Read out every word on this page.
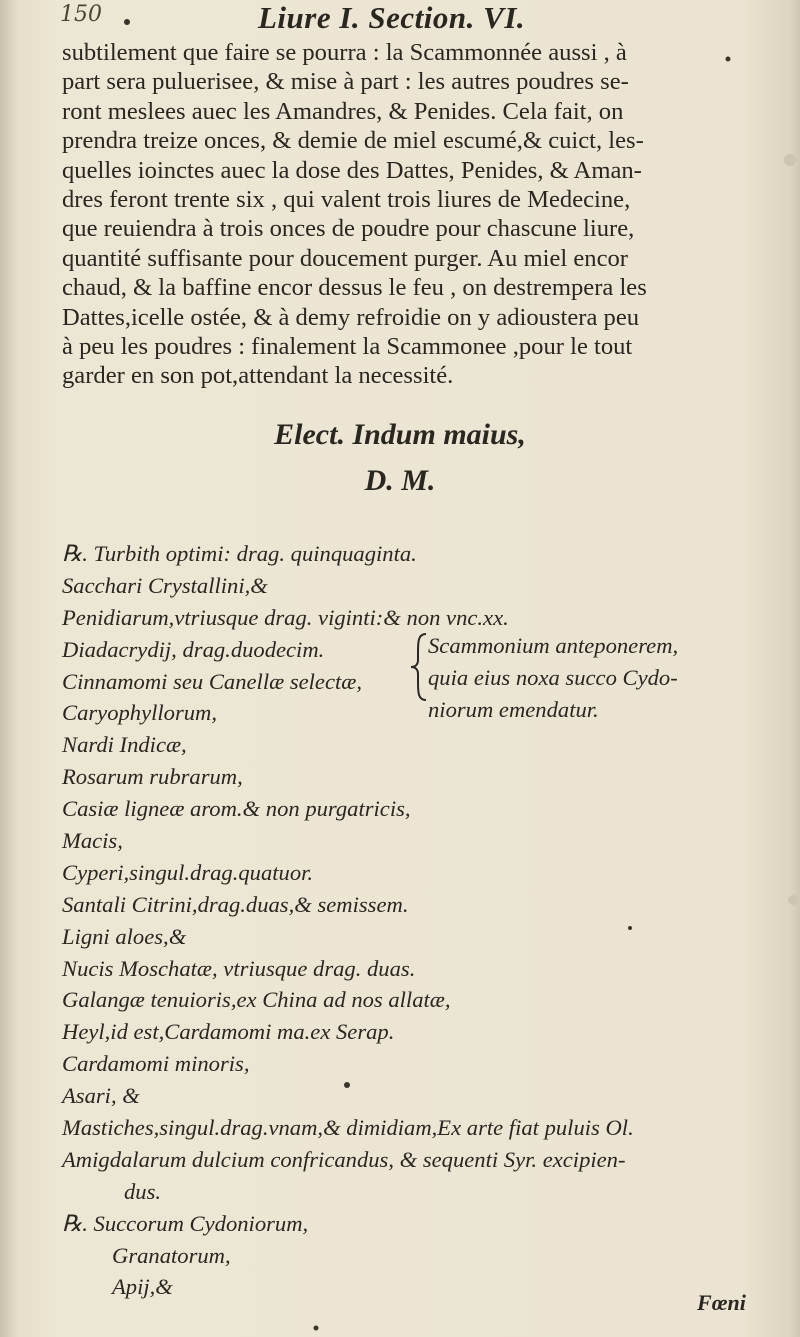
150	Liure I. Section. VI.
subtilement que faire se pourra : la Scammonnée aussi , à
part sera puluerisee, & mise à part : les autres poudres se-
ront meslees auec les Amandres, & Penides. Cela fait, on
prendra treize onces, & demie de miel escumé,& cuict, les-
quelles ioinctes auec la dose des Dattes, Penides, & Aman-
dres feront trente six , qui valent trois liures de Medecine,
que reuiendra à trois onces de poudre pour chascune liure,
quantité suffisante pour doucement purger. Au miel encor
chaud, & la baffine encor dessus le feu , on destrempera les
Dattes,icelle ostée, & à demy refroidie on y adioustera peu
à peu les poudres : finalement la Scammonee ,pour le tout
garder en son pot,attendant la necessité.
Elect. Indum maius,
D. M.
℞. Turbith optimi: drag. quinquaginta.
Sacchari Crystallini,&
Penidiarum,vtriusque drag. viginti:& non vnc.xx.
Diadacrydij, drag.duodecim.
Cinnamomi seu Canellæ selectæ,
Caryophyllorum,
Nardi Indicæ,
Rosarum rubrarum,
Casiæ ligneæ arom.& non purgatricis,
Macis,
Cyperi,singul.drag.quatuor.
Santali Citrini,drag.duas,& semissem.
Ligni aloes,&
Nucis Moschatæ, vtriusque drag. duas.
Galangæ tenuioris,ex China ad nos allatæ,
Heyl,id est,Cardamomi ma.ex Serap.
Cardamomi minoris,
Asari, &
Mastiches,singul.drag.vnam,& dimidiam,Ex arte fiat puluis Ol.
Amigdalarum dulcium confricandus, & sequenti Syr. excipien-
dus.
℞. Succorum Cydoniorum,
Granatorum,
Apij,&
Scammonium anteponerem,
quia eius noxa succo Cydo-
niorum emendatur.
Fœni
